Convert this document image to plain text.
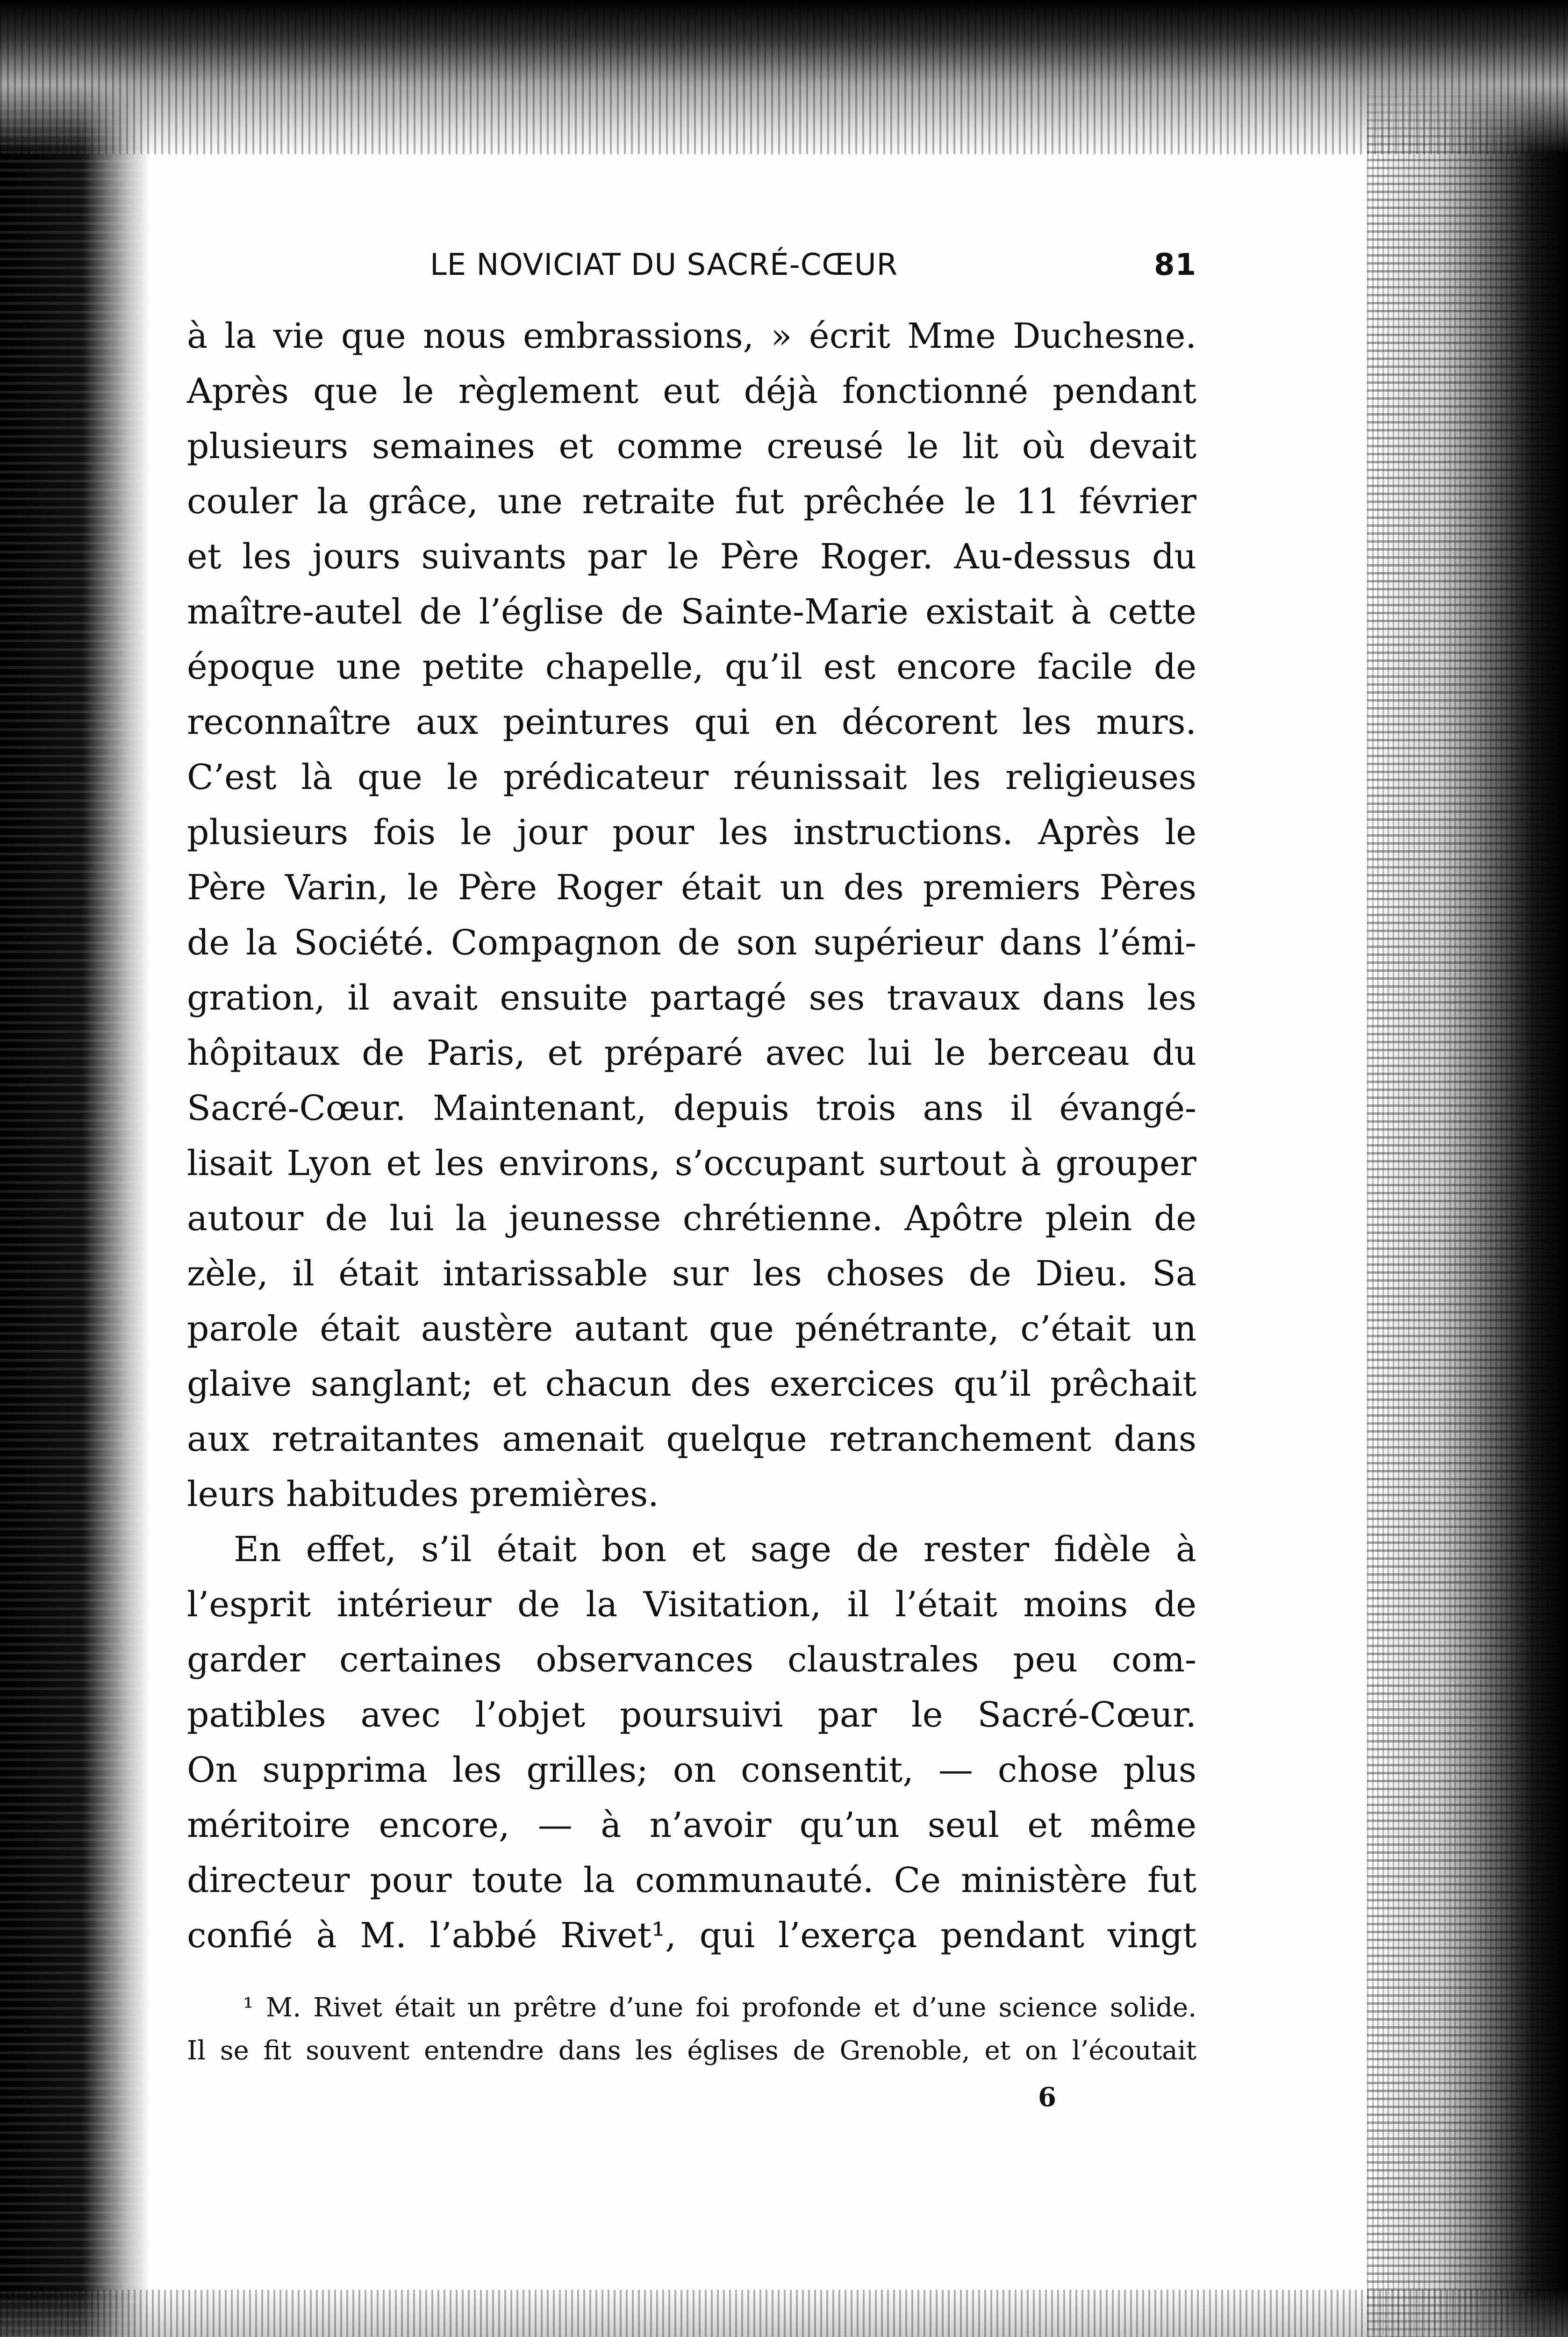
LE NOVICIAT DU SACRÉ-CŒUR	81
à la vie que nous embrassions, » écrit Mme Duchesne.
Après que le règlement eut déjà fonctionné pendant
plusieurs semaines et comme creusé le lit où devait
couler la grâce, une retraite fut prêchée le 11 février
et les jours suivants par le Père Roger. Au-dessus du
maître-autel de l’église de Sainte-Marie existait à cette
époque une petite chapelle, qu’il est encore facile de
reconnaître aux peintures qui en décorent les murs.
C’est là que le prédicateur réunissait les religieuses
plusieurs fois le jour pour les instructions. Après le
Père Varin, le Père Roger était un des premiers Pères
de la Société. Compagnon de son supérieur dans l’émi-
gration, il avait ensuite partagé ses travaux dans les
hôpitaux de Paris, et préparé avec lui le berceau du
Sacré-Cœur. Maintenant, depuis trois ans il évangé-
lisait Lyon et les environs, s’occupant surtout à grouper
autour de lui la jeunesse chrétienne. Apôtre plein de
zèle, il était intarissable sur les choses de Dieu. Sa
parole était austère autant que pénétrante, c’était un
glaive sanglant; et chacun des exercices qu’il prêchait
aux retraitantes amenait quelque retranchement dans
leurs habitudes premières.
En effet, s’il était bon et sage de rester fidèle à
l’esprit intérieur de la Visitation, il l’était moins de
garder certaines observances claustrales peu com-
patibles avec l’objet poursuivi par le Sacré-Cœur.
On supprima les grilles; on consentit, — chose plus
méritoire encore, — à n’avoir qu’un seul et même
directeur pour toute la communauté. Ce ministère fut
confié à M. l’abbé Rivet¹, qui l’exerça pendant vingt
¹ M. Rivet était un prêtre d’une foi profonde et d’une science solide.
Il se fit souvent entendre dans les églises de Grenoble, et on l’écoutait
6
